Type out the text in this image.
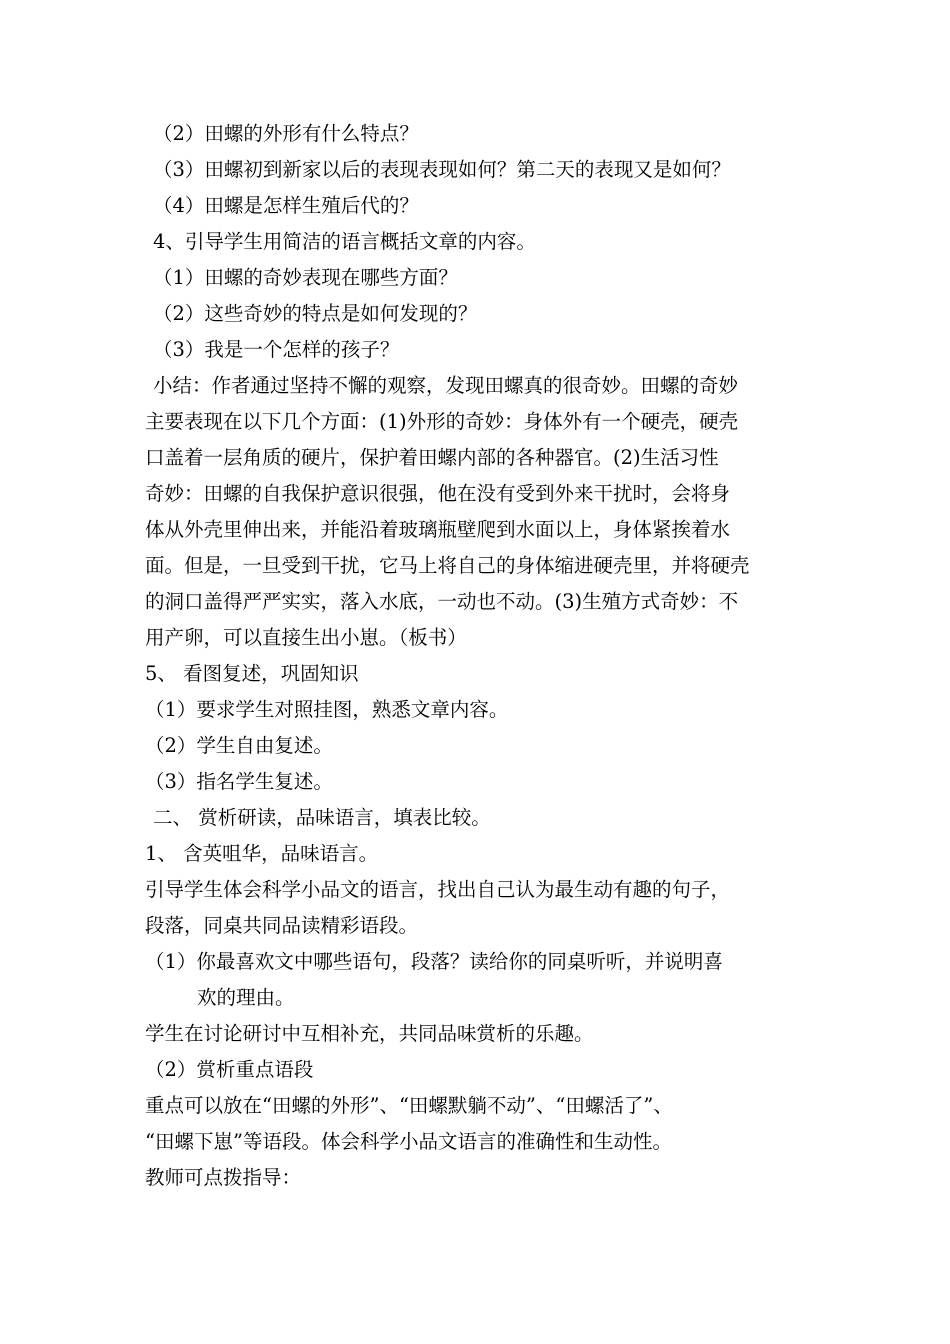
（2）田螺的外形有什么特点？
（3）田螺初到新家以后的表现表现如何？第二天的表现又是如何？
（4）田螺是怎样生殖后代的？
4、引导学生用简洁的语言概括文章的内容。
（1）田螺的奇妙表现在哪些方面？
（2）这些奇妙的特点是如何发现的？
（3）我是一个怎样的孩子？
小结：作者通过坚持不懈的观察，发现田螺真的很奇妙。田螺的奇妙
主要表现在以下几个方面：(1)外形的奇妙：身体外有一个硬壳，硬壳
口盖着一层角质的硬片，保护着田螺内部的各种器官。(2)生活习性
奇妙：田螺的自我保护意识很强，他在没有受到外来干扰时，会将身
体从外壳里伸出来，并能沿着玻璃瓶壁爬到水面以上，身体紧挨着水
面。但是，一旦受到干扰，它马上将自己的身体缩进硬壳里，并将硬壳
的洞口盖得严严实实，落入水底，一动也不动。(3)生殖方式奇妙：不
用产卵，可以直接生出小崽。（板书）
5、 看图复述，巩固知识
（1）要求学生对照挂图，熟悉文章内容。
（2）学生自由复述。
（3）指名学生复述。
二、 赏析研读，品味语言，填表比较。
1、 含英咀华，品味语言。
引导学生体会科学小品文的语言，找出自己认为最生动有趣的句子，
段落，同桌共同品读精彩语段。
（1）你最喜欢文中哪些语句，段落？读给你的同桌听听，并说明喜
欢的理由。
学生在讨论研讨中互相补充，共同品味赏析的乐趣。
（2）赏析重点语段
重点可以放在“田螺的外形”、“田螺默躺不动”、“田螺活了”、
“田螺下崽”等语段。体会科学小品文语言的准确性和生动性。
教师可点拨指导：
